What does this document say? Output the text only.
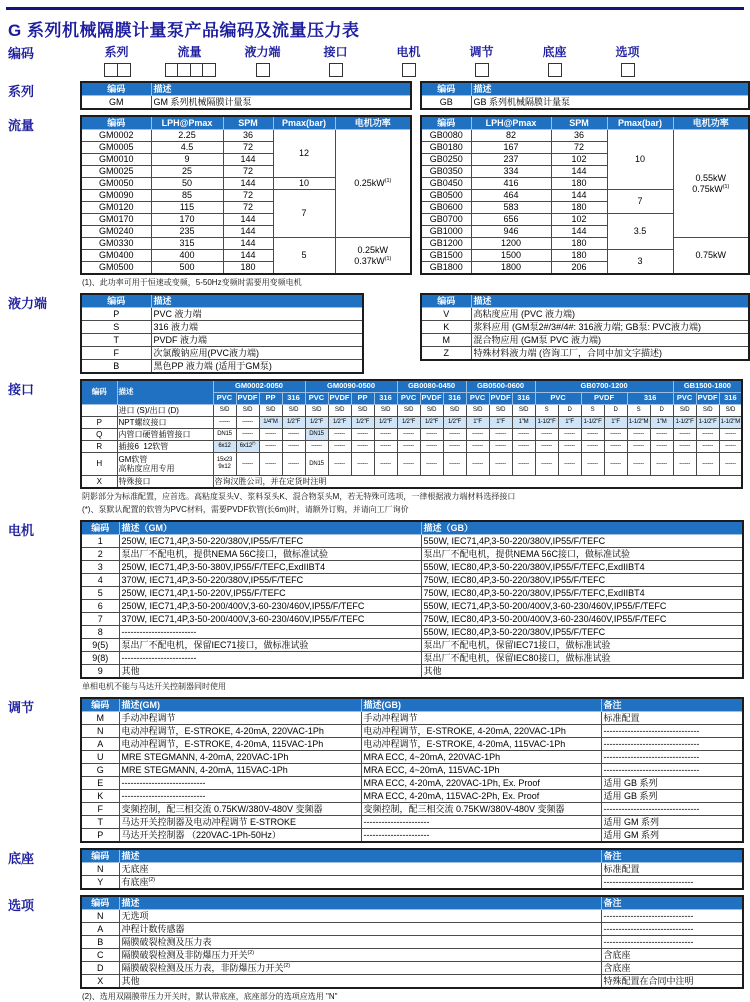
G 系列机械隔膜计量泵产品编码及流量压力表
编码	系列	流量	液力端	接口	电机	调节	底座	选项
系列	编码	描述
GM	GM 系列机械隔膜计量泵
编码	描述
GB	GB 系列机械隔膜计量泵
流量	编码	LPH@Pmax	SPM	Pmax(bar)	电机功率
GM0002	2.25	36	12	$0.25kW^{(1)}$
GM0005	4.5	72		
GM0010	9	144		
GM0025	25	72		
GM0050	50	144	10	
GM0090	85	72	7	
GM0120	115	72		
GM0170	170	144		
GM0240	235	144		
GM0330	315	144	5	0.25kW
$0.37kW^{(1)}$
GM0400	400	144		
GM0500	500	180		
(1)、此功率可用于恒速或变频，5-50Hz变频时需要用变频电机
编码	LPH@Pmax	SPM	Pmax(bar)	电机功率
GB0080	82	36	10	0.55kW
$0.75kW^{(1)}$
GB0180	167	72		
GB0250	237	102		
GB0350	334	144		
GB0450	416	180		
GB0500	464	144	7	
GB0600	583	180		
GB0700	656	102	3.5	
GB1000	946	144		
GB1200	1200	180		0.75kW
GB1500	1500	180	3	
GB1800	1800	206		
液力端	编码	描述
P	PVC 液力端
S	316 液力端
T	PVDF 液力端
F	次氯酸钠应用(PVC液力端)
B	黑色PP 液力端 (适用于GM泵)
编码	描述
V	高粘度应用 (PVC 液力端)
K	浆料应用 (GM泵2#/3#/4#: 316液力端; GB泵: PVC液力端)
M	混合物应用 (GM泵 PVC 液力端)
Z	特殊材料液力端 (咨询工厂，合同中加文字描述)
接口	编码	描述	GM0002-0050				GM0090-0500				GB0080-0450			GB0500-0600			GB0700-1200						GB1500-1800		
		PVC	PVDF	PP	316	PVC	PVDF	PP	316	PVC	PVDF	316	PVC	PVDF	316	PVC		PVDF		316		PVC	PVDF	316
	进口 (S)/出口 (D)	S/D	S/D	S/D	S/D	S/D	S/D	S/D	S/D	S/D	S/D	S/D	S/D	S/D	S/D	S	D	S	D	S	D	S/D	S/D	S/D
P	NPT螺纹接口	------	------	1/4"M	1/2"F	1/2"F	1/2"F	1/2"F	1/2"F	1/2"F	1/2"F	1/2"F	1"F	1"F	1"M	1-1/2"F	1"F	1-1/2"F	1"F	1-1/2"M	1"M	1-1/2"F	1-1/2"F	1-1/2"M
Q	内管口硬管插管接口	DN15	------	------	------	DN15	------	------	------	------	------	------	------	------	------	------	------	------	------	------	------	------	------	------
R	插接6  12软管	6x12	6x12(*)	------	------	------	------	------	------	------	------	------	------	------	------	------	------	------	------	------	------	------	------	------
H	GM软管
高粘度应用专用	15x23
9x12	------	------	------	DN15	------	------	------	------	------	------	------	------	------	------	------	------	------	------	------	------	------	------
X	特殊接口	咨询汉胜公司，并在定货时注明																						
阴影部分为标准配置，应首选。高粘度泵头V、浆料泵头K、混合物泵头M，若无特殊可选项，一律根据液力端材料选择接口
(*)、泵默认配置的软管为PVC材料，需要PVDF软管(长6m)时，请额外订购，并请向工厂询价
电机	编码	描述（GM）	描述（GB）
1	250W, IEC71,4P,3-50-220/380V,IP55/F/TEFC	550W, IEC71,4P,3-50-220/380V,IP55/F/TEFC
2	泵出厂不配电机，提供NEMA 56C接口，做标准试验	泵出厂不配电机，提供NEMA 56C接口，做标准试验
3	250W, IEC71,4P,3-50-380V,IP55/F/TEFC,ExdIIBT4	550W, IEC80,4P,3-50-220/380V,IP55/F/TEFC,ExdIIBT4
4	370W, IEC71,4P,3-50-220/380V,IP55/F/TEFC	750W, IEC80,4P,3-50-220/380V,IP55/F/TEFC
5	250W, IEC71,4P,1-50-220V,IP55/F/TEFC	750W, IEC80,4P,3-50-220/380V,IP55/F/TEFC,ExdIIBT4
6	250W, IEC71,4P,3-50-200/400V,3-60-230/460V,IP55/F/TEFC	550W, IEC71,4P,3-50-200/400V,3-60-230/460V,IP55/F/TEFC
7	370W, IEC71,4P,3-50-200/400V,3-60-230/460V,IP55/F/TEFC	750W, IEC80,4P,3-50-200/400V,3-60-230/460V,IP55/F/TEFC
8	-------------------------	550W, IEC80,4P,3-50-220/380V,IP55/F/TEFC
9(5)	泵出厂不配电机，保留IEC71接口，做标准试验	泵出厂不配电机，保留IEC71接口，做标准试验
9(8)	-------------------------	泵出厂不配电机，保留IEC80接口，做标准试验
9	其他	其他
单相电机不能与马达开关控制器同时使用
调节	编码	描述(GM)	描述(GB)	备注
M	手动冲程调节	手动冲程调节	标准配置
N	电动冲程调节，E-STROKE, 4-20mA, 220VAC-1Ph	电动冲程调节，E-STROKE, 4-20mA, 220VAC-1Ph	--------------------------------
A	电动冲程调节，E-STROKE, 4-20mA, 115VAC-1Ph	电动冲程调节，E-STROKE, 4-20mA, 115VAC-1Ph	--------------------------------
U	MRE STEGMANN, 4-20mA, 220VAC-1Ph	MRA ECC, 4~20mA, 220VAC-1Ph	--------------------------------
G	MRE STEGMANN, 4-20mA, 115VAC-1Ph	MRA ECC, 4~20mA, 115VAC-1Ph	--------------------------------
E	----------------------------	MRA ECC, 4-20mA, 220VAC-1Ph, Ex. Proof	适用 GB 系列
K	----------------------------	MRA ECC, 4-20mA, 115VAC-2Ph, Ex. Proof	适用 GB 系列
F	变频控制，配三相交流 0.75KW/380V-480V 变频器	变频控制，配三相交流 0.75KW/380V-480V 变频器	--------------------------------
T	马达开关控制器及电动冲程调节 E-STROKE	----------------------	适用 GM 系列
P	马达开关控制器 （220VAC-1Ph-50Hz）	----------------------	适用 GM 系列
底座	编码	描述	备注
N	无底座	标准配置
Y	有底座$^{(2)}$	------------------------------
选项	编码	描述	备注
N	无选项	------------------------------
A	冲程计数传感器	------------------------------
B	隔膜破裂检测及压力表	------------------------------
C	隔膜破裂检测及非防爆压力开关$^{(2)}$	含底座
D	隔膜破裂检测及压力表，非防爆压力开关$^{(2)}$	含底座
X	其他	特殊配置在合同中注明
(2)、选用双隔膜带压力开关时，默认带底座，底座部分的选项应选用 "N"
